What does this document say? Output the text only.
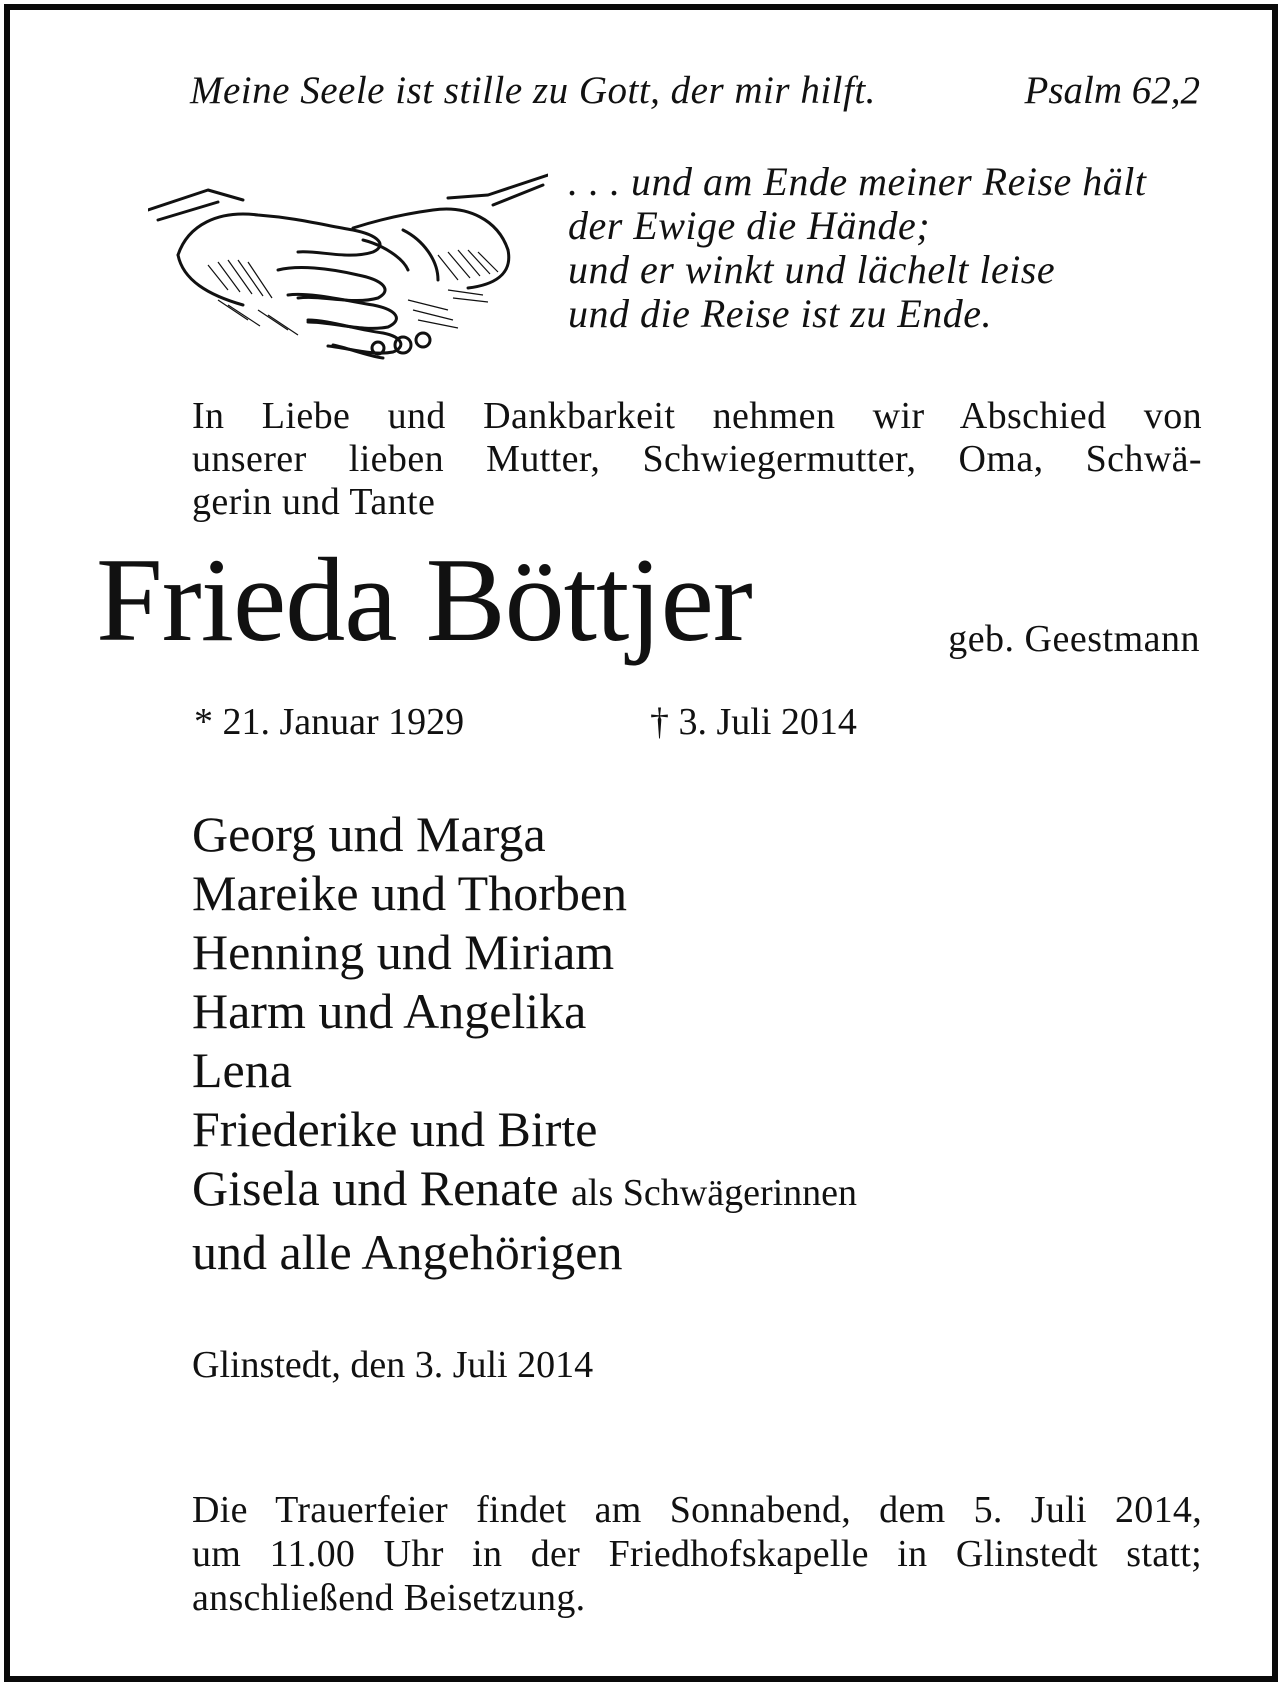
Meine Seele ist stille zu Gott, der mir hilft.	Psalm 62,2
. . . und am Ende meiner Reise hält
der Ewige die Hände;
und er winkt und lächelt leise
und die Reise ist zu Ende.
In Liebe und Dankbarkeit nehmen wir Abschied von
unserer lieben Mutter, Schwiegermutter, Oma, Schwä-
gerin und Tante
Frieda Böttjer	geb. Geestmann
* 21. Januar 1929	† 3. Juli 2014
Georg und Marga
Mareike und Thorben
Henning und Miriam
Harm und Angelika
Lena
Friederike und Birte
Gisela und Renate als Schwägerinnen
und alle Angehörigen
Glinstedt, den 3. Juli 2014
Die Trauerfeier findet am Sonnabend, dem 5. Juli 2014,
um 11.00 Uhr in der Friedhofskapelle in Glinstedt statt;
anschließend Beisetzung.
